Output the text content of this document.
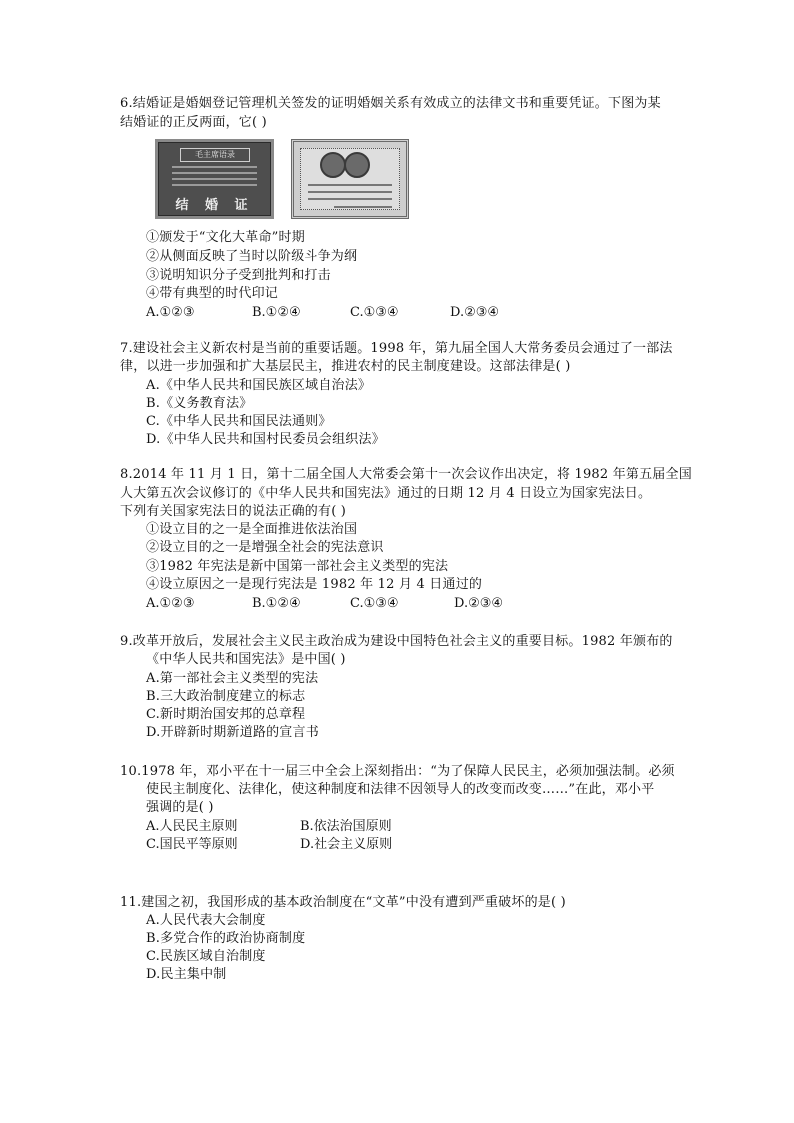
6.结婚证是婚姻登记管理机关签发的证明婚姻关系有效成立的法律文书和重要凭证。下图为某
结婚证的正反两面，它( )
毛主席语录
结 婚 证
①颁发于“文化大革命”时期
②从侧面反映了当时以阶级斗争为纲
③说明知识分子受到批判和打击
④带有典型的时代印记
A.①②③	B.①②④	C.①③④	D.②③④
7.建设社会主义新农村是当前的重要话题。1998 年，第九届全国人大常务委员会通过了一部法
律，以进一步加强和扩大基层民主，推进农村的民主制度建设。这部法律是( )
A.《中华人民共和国民族区域自治法》
B.《义务教育法》
C.《中华人民共和国民法通则》
D.《中华人民共和国村民委员会组织法》
8.2014 年 11 月 1 日，第十二届全国人大常委会第十一次会议作出决定，将 1982 年第五届全国
人大第五次会议修订的《中华人民共和国宪法》通过的日期 12 月 4 日设立为国家宪法日。
下列有关国家宪法日的说法正确的有( )
①设立目的之一是全面推进依法治国
②设立目的之一是增强全社会的宪法意识
③1982 年宪法是新中国第一部社会主义类型的宪法
④设立原因之一是现行宪法是 1982 年 12 月 4 日通过的
A.①②③	B.①②④	C.①③④	D.②③④
9.改革开放后，发展社会主义民主政治成为建设中国特色社会主义的重要目标。1982 年颁布的
《中华人民共和国宪法》是中国( )
A.第一部社会主义类型的宪法
B.三大政治制度建立的标志
C.新时期治国安邦的总章程
D.开辟新时期新道路的宣言书
10.1978 年，邓小平在十一届三中全会上深刻指出：“为了保障人民民主，必须加强法制。必须
使民主制度化、法律化，使这种制度和法律不因领导人的改变而改变……”在此，邓小平
强调的是( )
A.人民民主原则	B.依法治国原则
C.国民平等原则	D.社会主义原则
11.建国之初，我国形成的基本政治制度在“文革”中没有遭到严重破坏的是( )
A.人民代表大会制度
B.多党合作的政治协商制度
C.民族区域自治制度
D.民主集中制
